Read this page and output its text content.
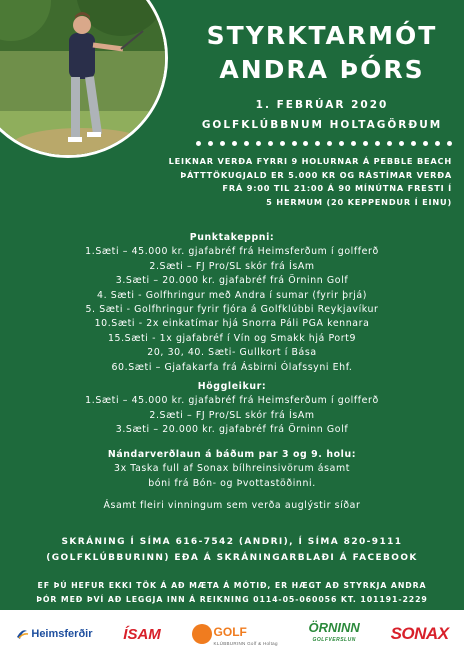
STYRKTARMÓT
ANDRA ÞÓRS
1. FEBRÚAR 2020
GOLFKLÚBBNUM HOLTAGÖRÐUM
LEIKNAR VERÐA FYRRI 9 HOLURNAR Á PEBBLE BEACH
ÞÁTTTÖKUGJALD ER 5.000 KR OG RÁSTÍMAR VERÐA
FRÁ 9:00 TIL 21:00 Á 90 MÍNÚTNA FRESTI Í
5 HERMUM (20 KEPPENDUR Í EINU)
Punktakeppni:
1.Sæti – 45.000 kr. gjafabréf frá Heimsferðum í golfferð
2.Sæti – FJ Pro/SL skór frá ÍsAm
3.Sæti – 20.000 kr. gjafabréf frá Örninn Golf
4. Sæti - Golfhringur með Andra í sumar (fyrir þrjá)
5. Sæti - Golfhringur fyrir fjóra á Golfklúbbi Reykjavíkur
10.Sæti - 2x einkatímar hjá Snorra Páli PGA kennara
15.Sæti - 1x gjafabréf í Vín og Smakk hjá Port9
20, 30, 40. Sæti- Gullkort í Bása
60.Sæti – Gjafakarfa frá Ásbirni Ólafssyni Ehf.
Höggleikur:
1.Sæti – 45.000 kr. gjafabréf frá Heimsferðum í golfferð
2.Sæti – FJ Pro/SL skór frá ÍsAm
3.Sæti – 20.000 kr. gjafabréf frá Örninn Golf
Nándarverðlaun á báðum par 3 og 9. holu:
3x Taska full af Sonax bílhreinsivörum ásamt
bóni frá Bón- og Þvottastöðinni.
Ásamt fleiri vinningum sem verða auglýstir síðar
SKRÁNING Í SÍMA 616-7542 (ANDRI), Í SÍMA 820-9111
(GOLFKLÚBBURINN) EÐA Á SKRÁNINGARBLAÐI Á FACEBOOK
EF ÞÚ HEFUR EKKI TÖK Á AÐ MÆTA Á MÓTIÐ, ER HÆGT AÐ STYRKJA ANDRA
ÞÓR MEÐ ÞVÍ AÐ LEGGJA INN Á REIKNING 0114-05-060056 KT. 101191-2229
Heimsferðir ÍSAM	GOLF
KLÚBBURINN Golf & Holtag
ÖRNINN
GOLFVERSLUN SONAX
